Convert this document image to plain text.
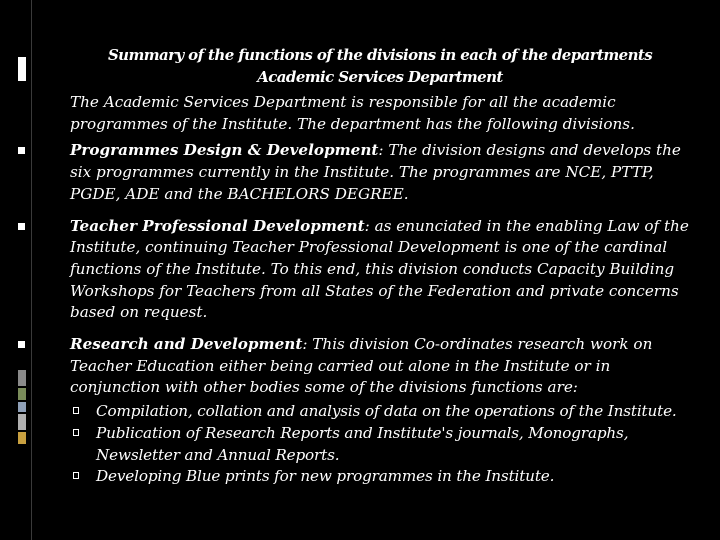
Summary of the functions of the divisions in each of the departments
Academic Services Department

The Academic Services Department is responsible for all the academic programmes of the Institute. The department has the following divisions.

Programmes Design & Development: The division designs and develops the six programmes currently in the Institute. The programmes are NCE, PTTP, PGDE, ADE and the BACHELORS DEGREE.
Teacher Professional Development: as enunciated in the enabling Law of the Institute, continuing Teacher Professional Development is one of the cardinal functions of the Institute. To this end, this division conducts Capacity Building Workshops for Teachers from all States of the Federation and private concerns based on request.
Research and Development: This division Co-ordinates research work on Teacher Education either being carried out alone in the Institute or in conjunction with other bodies some of the divisions functions are:
Compilation, collation and analysis of data on the operations of the Institute.
Publication of Research Reports and Institute's journals, Monographs, Newsletter and Annual Reports.
Developing Blue prints for new programmes in the Institute.
